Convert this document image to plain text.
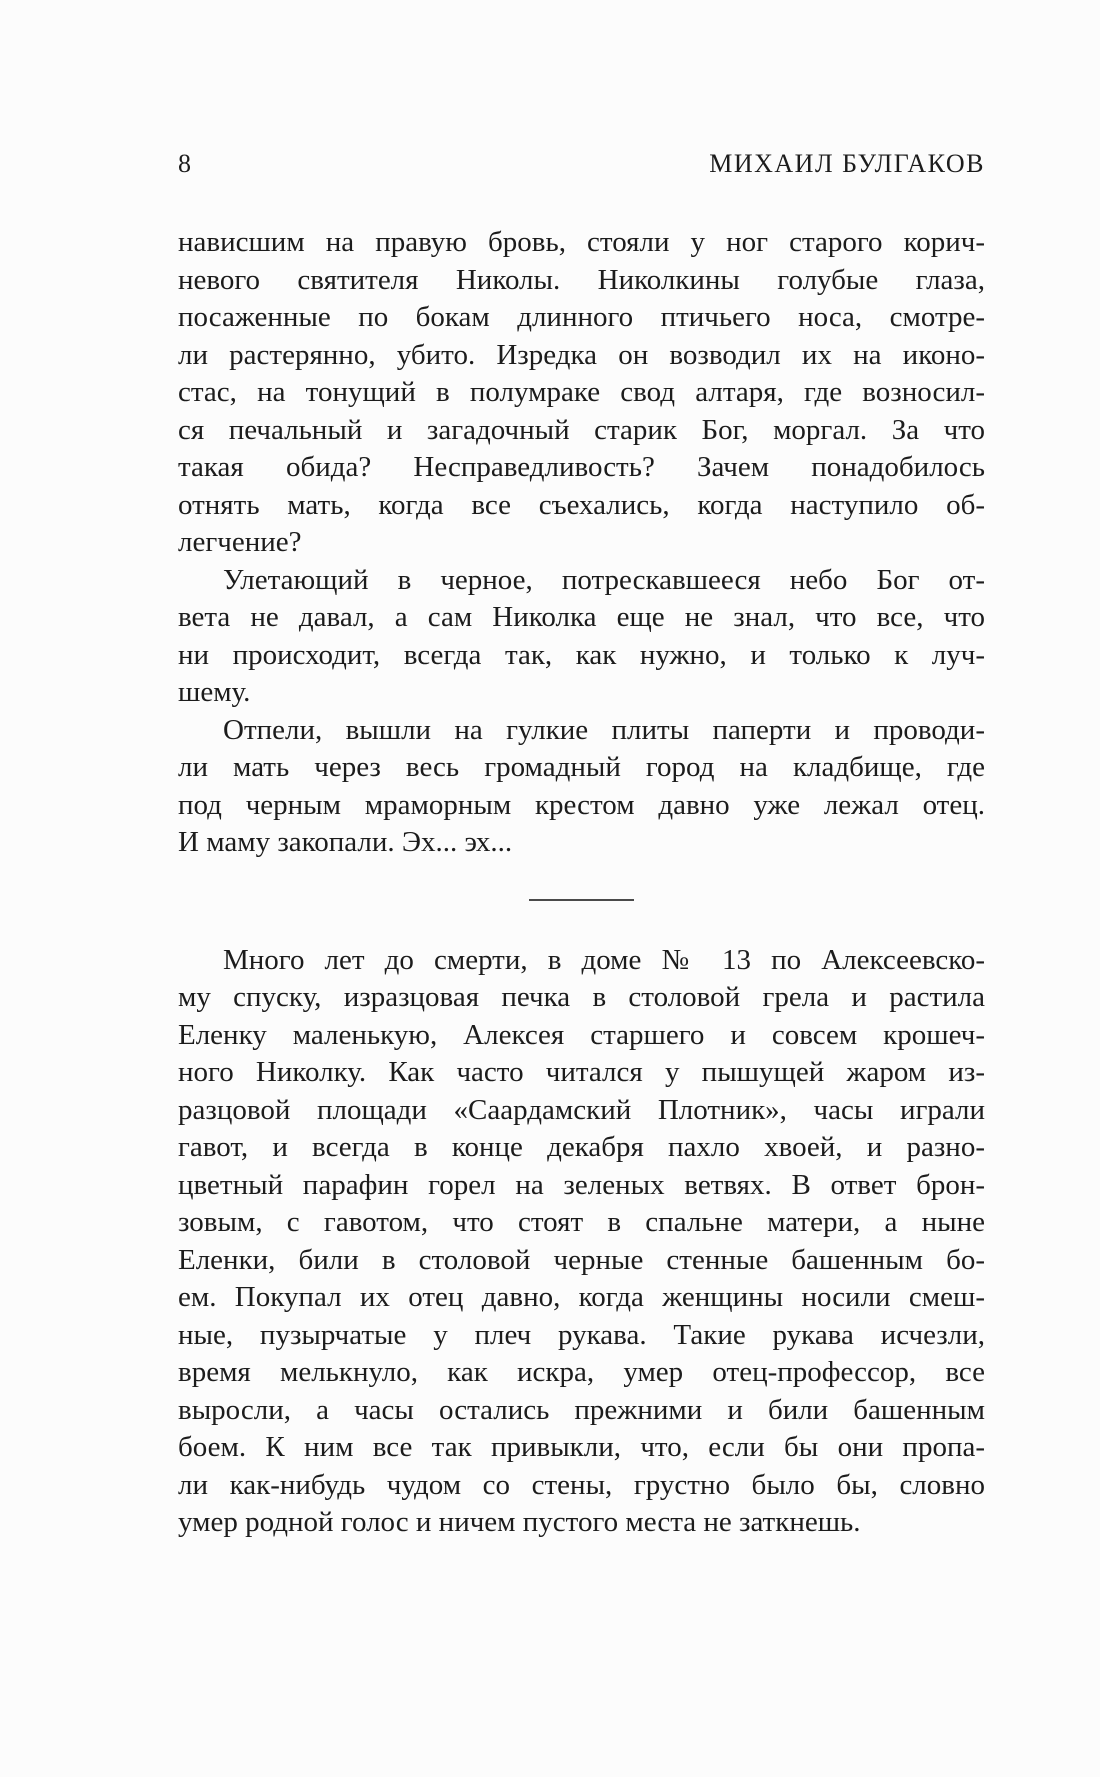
8	МИХАИЛ БУЛГАКОВ
нависшим на правую бровь, стояли у ног старого корич-
невого святителя Николы. Николкины голубые глаза,
посаженные по бокам длинного птичьего носа, смотре-
ли растерянно, убито. Изредка он возводил их на иконо-
стас, на тонущий в полумраке свод алтаря, где возносил-
ся печальный и загадочный старик Бог, моргал. За что
такая обида? Несправедливость? Зачем понадобилось
отнять мать, когда все съехались, когда наступило об-
легчение?
Улетающий в черное, потрескавшееся небо Бог от-
вета не давал, а сам Николка еще не знал, что все, что
ни происходит, всегда так, как нужно, и только к луч-
шему.
Отпели, вышли на гулкие плиты паперти и проводи-
ли мать через весь громадный город на кладбище, где
под черным мраморным крестом давно уже лежал отец.
И маму закопали. Эх... эх...
Много лет до смерти, в доме № 13 по Алексеевско-
му спуску, изразцовая печка в столовой грела и растила
Еленку маленькую, Алексея старшего и совсем крошеч-
ного Николку. Как часто читался у пышущей жаром из-
разцовой площади «Саардамский Плотник», часы играли
гавот, и всегда в конце декабря пахло хвоей, и разно-
цветный парафин горел на зеленых ветвях. В ответ брон-
зовым, с гавотом, что стоят в спальне матери, а ныне
Еленки, били в столовой черные стенные башенным бо-
ем. Покупал их отец давно, когда женщины носили смеш-
ные, пузырчатые у плеч рукава. Такие рукава исчезли,
время мелькнуло, как искра, умер отец-профессор, все
выросли, а часы остались прежними и били башенным
боем. К ним все так привыкли, что, если бы они пропа-
ли как-нибудь чудом со стены, грустно было бы, словно
умер родной голос и ничем пустого места не заткнешь.
